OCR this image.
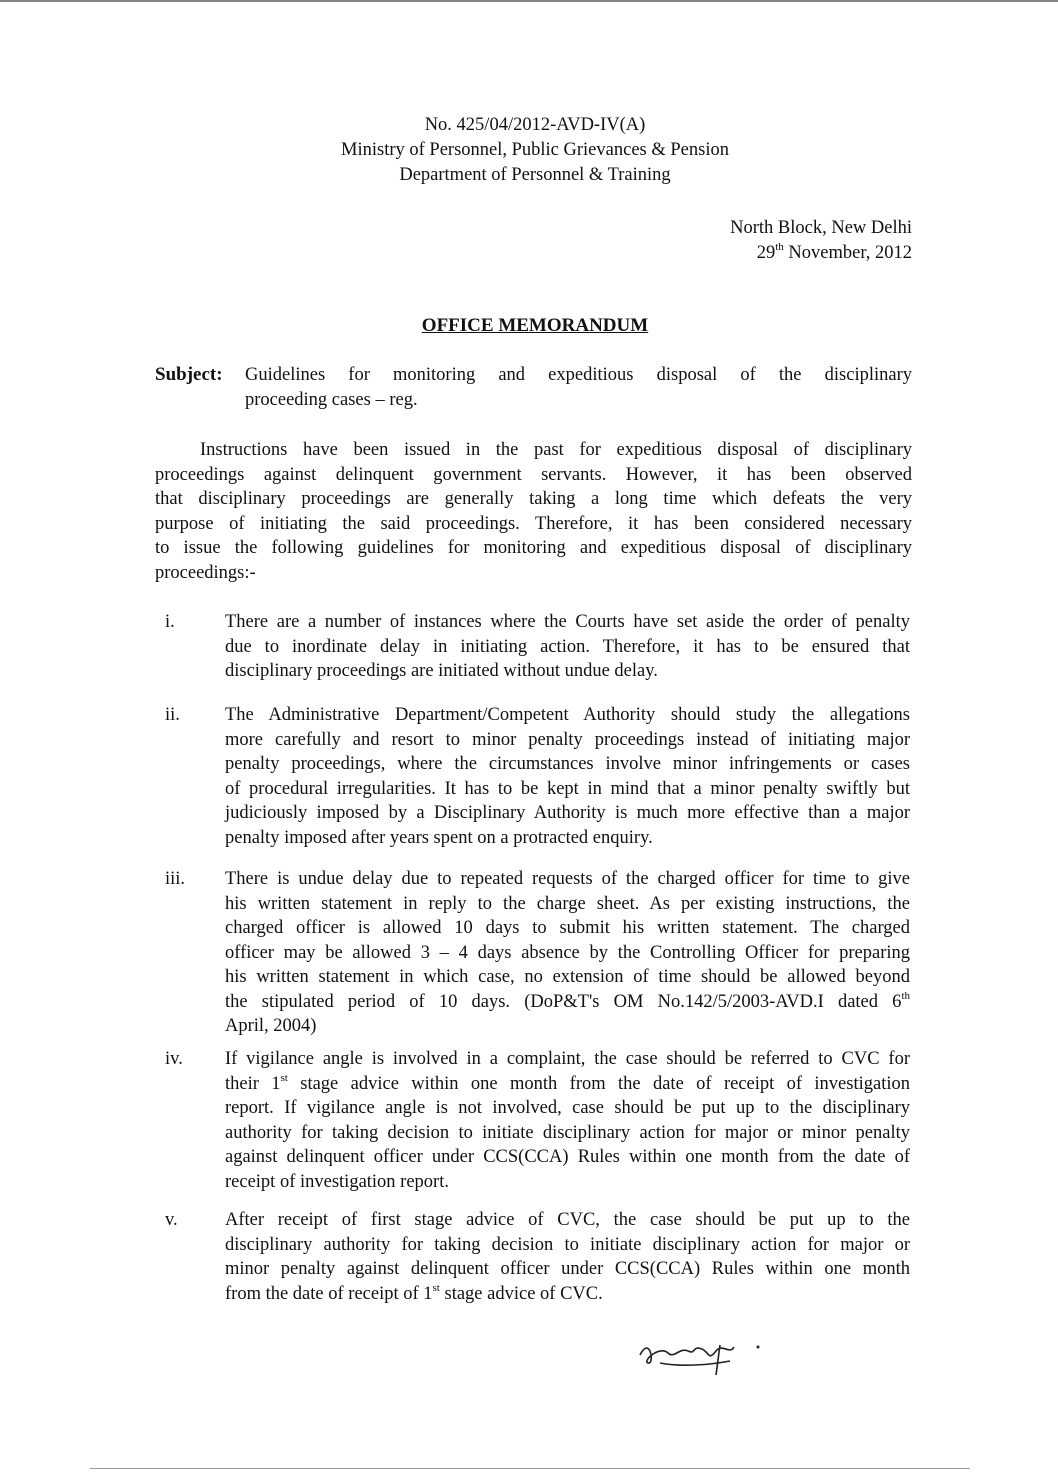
No. 425/04/2012-AVD-IV(A)
Ministry of Personnel, Public Grievances & Pension
Department of Personnel & Training
North Block, New Delhi
29th November, 2012
OFFICE MEMORANDUM
Subject: Guidelines for monitoring and expeditious disposal of the disciplinary
proceeding cases – reg.
Instructions have been issued in the past for expeditious disposal of disciplinary
proceedings against delinquent government servants. However, it has been observed
that disciplinary proceedings are generally taking a long time which defeats the very
purpose of initiating the said proceedings. Therefore, it has been considered necessary
to issue the following guidelines for monitoring and expeditious disposal of disciplinary
proceedings:-
i.	There are a number of instances where the Courts have set aside the order of penalty
due to inordinate delay in initiating action. Therefore, it has to be ensured that
disciplinary proceedings are initiated without undue delay.
ii. The Administrative Department/Competent Authority should study the allegations
more carefully and resort to minor penalty proceedings instead of initiating major
penalty proceedings, where the circumstances involve minor infringements or cases
of procedural irregularities. It has to be kept in mind that a minor penalty swiftly but
judiciously imposed by a Disciplinary Authority is much more effective than a major
penalty imposed after years spent on a protracted enquiry.
iii. There is undue delay due to repeated requests of the charged officer for time to give
his written statement in reply to the charge sheet. As per existing instructions, the
charged officer is allowed 10 days to submit his written statement. The charged
officer may be allowed 3 – 4 days absence by the Controlling Officer for preparing
his written statement in which case, no extension of time should be allowed beyond
the stipulated period of 10 days. (DoP&T's OM No.142/5/2003-AVD.I dated 6th
April, 2004)
iv. If vigilance angle is involved in a complaint, the case should be referred to CVC for
their 1st stage advice within one month from the date of receipt of investigation
report. If vigilance angle is not involved, case should be put up to the disciplinary
authority for taking decision to initiate disciplinary action for major or minor penalty
against delinquent officer under CCS(CCA) Rules within one month from the date of
receipt of investigation report.
v.	After receipt of first stage advice of CVC, the case should be put up to the
disciplinary authority for taking decision to initiate disciplinary action for major or
minor penalty against delinquent officer under CCS(CCA) Rules within one month
from the date of receipt of 1st stage advice of CVC.
